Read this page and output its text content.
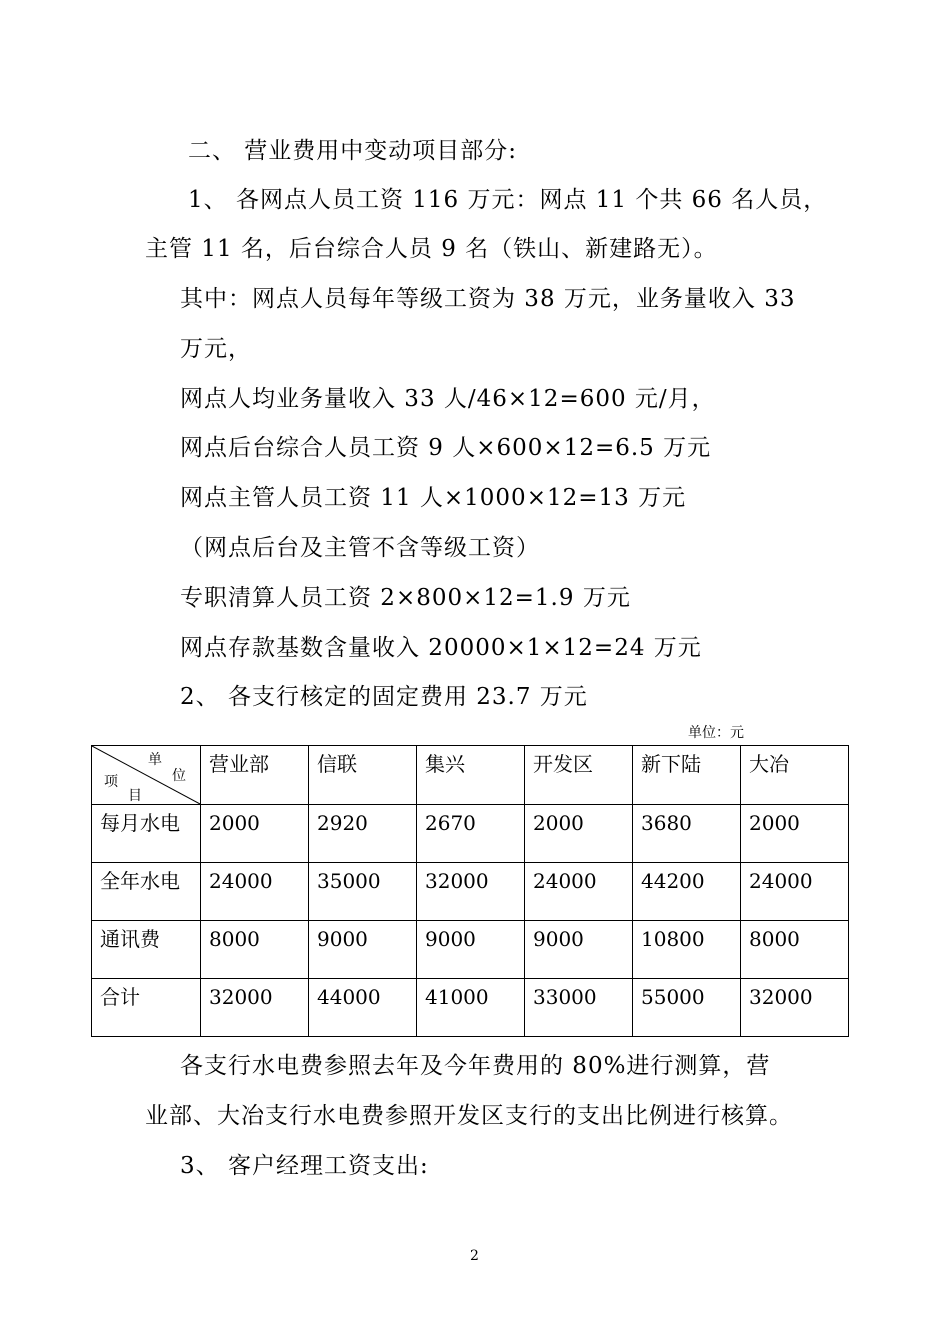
二、 营业费用中变动项目部分:
1、 各网点人员工资 116 万元：网点 11 个共 66 名人员，
主管 11 名，后台综合人员 9 名（铁山、新建路无）。
其中：网点人员每年等级工资为 38 万元，业务量收入 33
万元，
网点人均业务量收入 33 人/46×12=600 元/月，
网点后台综合人员工资 9 人×600×12=6.5 万元
网点主管人员工资 11 人×1000×12=13 万元
（网点后台及主管不含等级工资）
专职清算人员工资 2×800×12=1.9 万元
网点存款基数含量收入 20000×1×12=24 万元
2、 各支行核定的固定费用 23.7 万元
单位：元
单
位
项
目	营业部	信联	集兴	开发区	新下陆	大冶

每月水电	2000	2920	2670	2000	3680	2000

全年水电	24000	35000	32000	24000	44200	24000

通讯费	8000	9000	9000	9000	10800	8000

合计	32000	44000	41000	33000	55000	32000
各支行水电费参照去年及今年费用的 80%进行测算，营
业部、大冶支行水电费参照开发区支行的支出比例进行核算。
3、 客户经理工资支出:
2
